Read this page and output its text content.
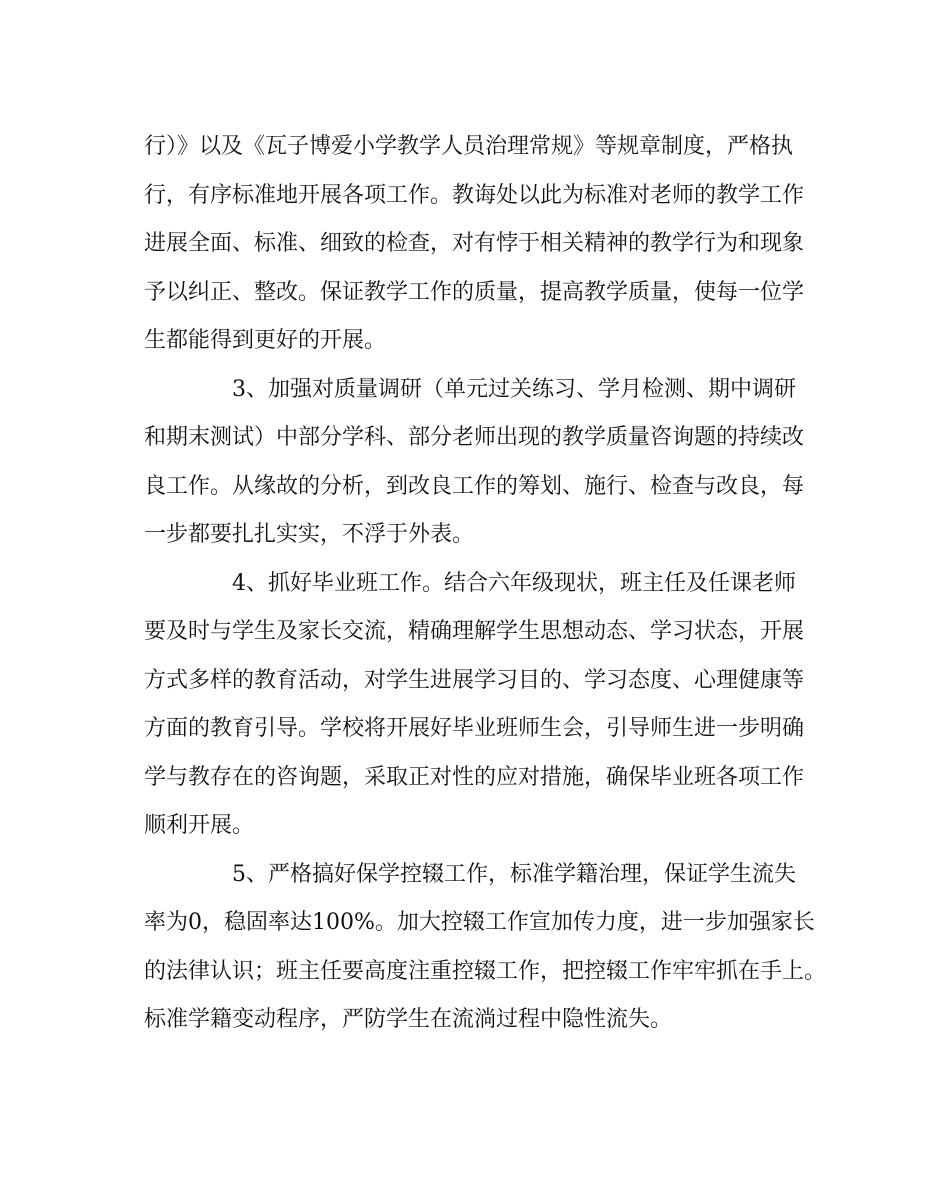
行）》以及《瓦子博爱小学教学人员治理常规》等规章制度，严格执
行，有序标准地开展各项工作。教诲处以此为标准对老师的教学工作
进展全面、标准、细致的检查，对有悖于相关精神的教学行为和现象
予以纠正、整改。保证教学工作的质量，提高教学质量，使每一位学
生都能得到更好的开展。
3、加强对质量调研（单元过关练习、学月检测、期中调研
和期末测试）中部分学科、部分老师出现的教学质量咨询题的持续改
良工作。从缘故的分析，到改良工作的筹划、施行、检查与改良，每
一步都要扎扎实实，不浮于外表。
4、抓好毕业班工作。结合六年级现状，班主任及任课老师
要及时与学生及家长交流，精确理解学生思想动态、学习状态，开展
方式多样的教育活动，对学生进展学习目的、学习态度、心理健康等
方面的教育引导。学校将开展好毕业班师生会，引导师生进一步明确
学与教存在的咨询题，采取正对性的应对措施，确保毕业班各项工作
顺利开展。
5、严格搞好保学控辍工作，标准学籍治理，保证学生流失
率为0，稳固率达100%。加大控辍工作宣加传力度，进一步加强家长
的法律认识；班主任要高度注重控辍工作，把控辍工作牢牢抓在手上。
标准学籍变动程序，严防学生在流淌过程中隐性流失。
